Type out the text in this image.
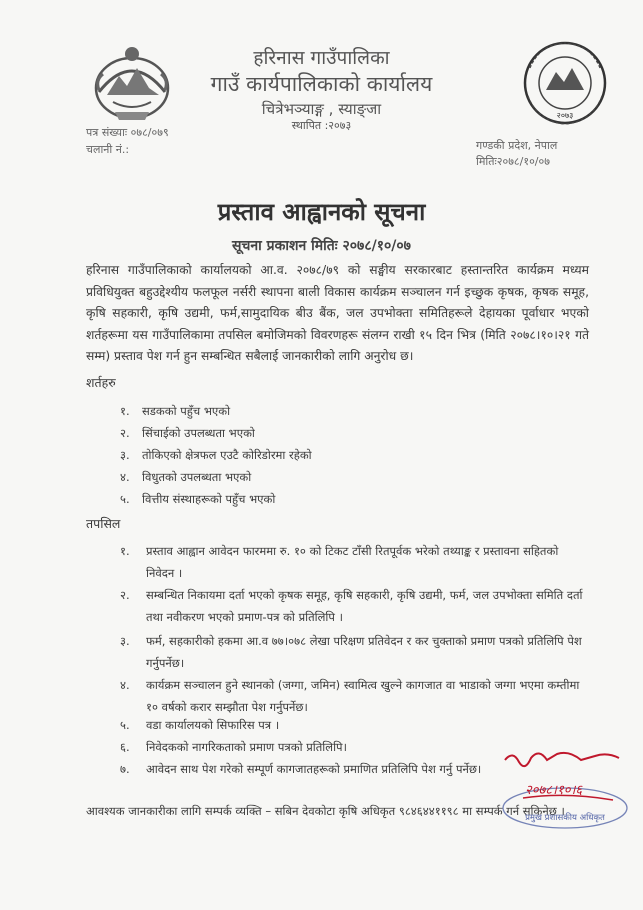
२०७३
हरिनास गाउँपालिका
गाउँ कार्यपालिकाको कार्यालय
चित्रेभञ्याङ्ग , स्याङ्जा
स्थापित :२०७३
पत्र संख्याः ०७८/०७९
चलानी नं.:	गण्डकी प्रदेश, नेपाल
मितिः२०७८/१०/०७
प्रस्ताव आह्वानको सूचना
सूचना प्रकाशन मितिः २०७८/१०/०७
हरिनास गाउँपालिकाको कार्यालयको आ.व. २०७८/७९ को सङ्घीय सरकारबाट हस्तान्तरित कार्यक्रम मध्यम प्रविधियुक्त बहुउद्देश्यीय फलफूल नर्सरी स्थापना बाली विकास कार्यक्रम सञ्चालन गर्न इच्छुक कृषक, कृषक समूह, कृषि सहकारी, कृषि उद्यमी, फर्म,सामुदायिक बीउ बैंक, जल उपभोक्ता समितिहरूले देहायका पूर्वाधार भएको शर्तहरूमा यस गाउँपालिकामा तपसिल बमोजिमको विवरणहरू संलग्न राखी १५ दिन भित्र (मिति २०७८।१०।२१ गते सम्म) प्रस्ताव पेश गर्न हुन सम्बन्धित सबैलाई जानकारीको लागि अनुरोध छ।
शर्तहरु
१. सडकको पहुँच भएको
२. सिंचाईको उपलब्धता भएको
३. तोकिएको क्षेत्रफल एउटै कोरिडोरमा रहेको
४. विधुतको उपलब्धता भएको
५. वित्तीय संस्थाहरूको पहुँच भएको
तपसिल
१.	प्रस्ताव आह्वान आवेदन फारममा रु. १० को टिकट टाँसी रितपूर्वक भरेको तथ्याङ्क र प्रस्तावना सहितको निवेदन ।
२.	सम्बन्धित निकायमा दर्ता भएको कृषक समूह, कृषि सहकारी, कृषि उद्यमी, फर्म, जल उपभोक्ता समिति दर्ता तथा नवीकरण भएको प्रमाण-पत्र को प्रतिलिपि ।
३.	फर्म, सहकारीको हकमा आ.व ७७।०७८ लेखा परिक्षण प्रतिवेदन र कर चुक्ताको प्रमाण पत्रको प्रतिलिपि पेश गर्नुपर्नेछ।
४.	कार्यक्रम सञ्चालन हुने स्थानको (जग्गा, जमिन) स्वामित्व खुल्ने कागजात वा भाडाको जग्गा भएमा कम्तीमा १० वर्षको करार सम्झौता पेश गर्नुपर्नेछ।
५.	वडा कार्यालयको सिफारिस पत्र ।
६.	निवेदकको नागरिकताको प्रमाण पत्रको प्रतिलिपि।
७.	आवेदन साथ पेश गरेको सम्पूर्ण कागजातहरूको प्रमाणित प्रतिलिपि पेश गर्नु पर्नेछ।
आवश्यक जानकारीका लागि सम्पर्क व्यक्ति – सबिन देवकोटा कृषि अधिकृत ९८४६४४११९८ मा सम्पर्क गर्न सकिनेछ ।
प्रमुख प्रशासकीय अधिकृत
२०७८।१०।६
